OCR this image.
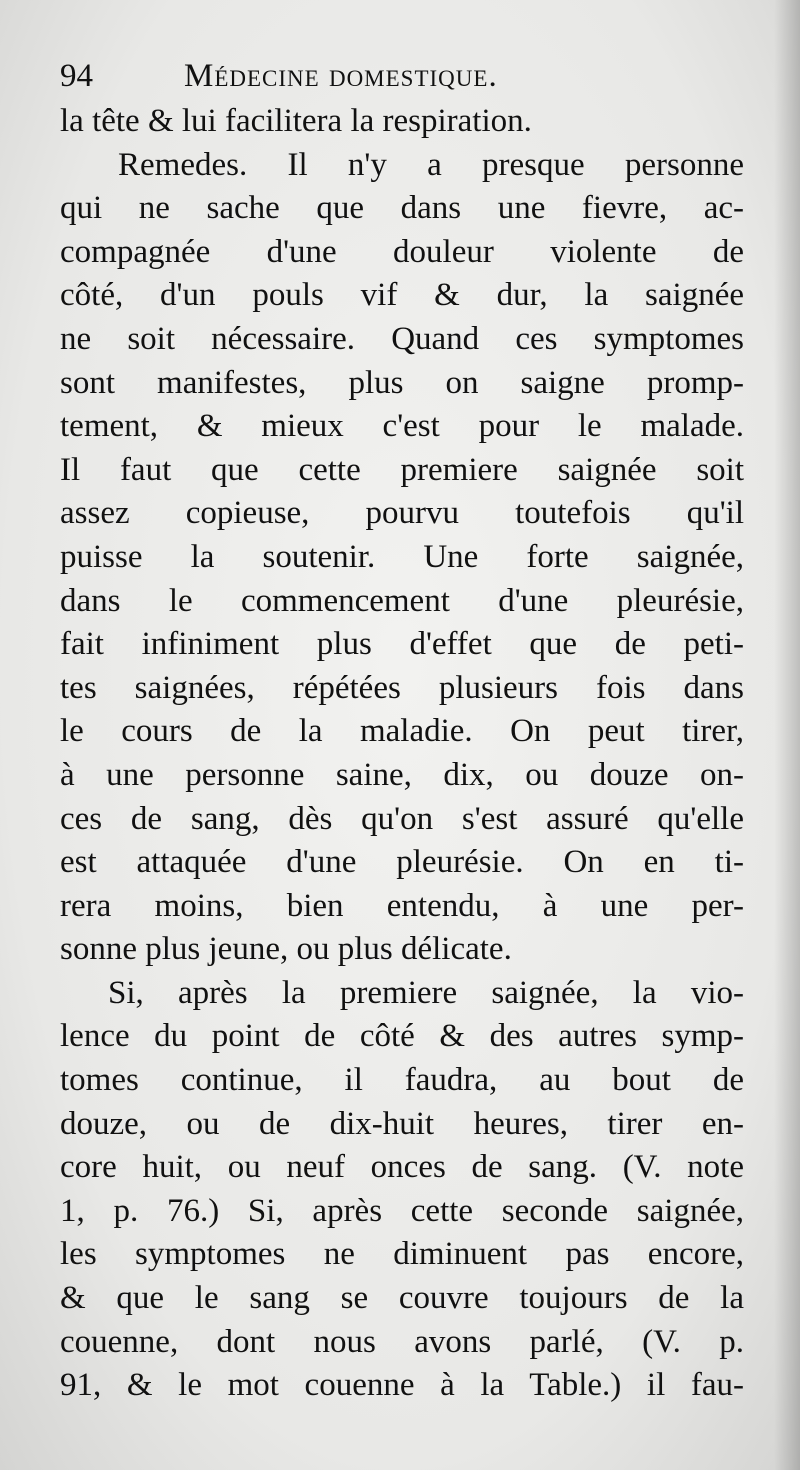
94	Médecine domestique.
la tête & lui facilitera la respiration.
Remedes. Il n'y a presque personne
qui ne sache que dans une fievre, ac-
compagnée d'une douleur violente de
côté, d'un pouls vif & dur, la saignée
ne soit nécessaire. Quand ces symptomes
sont manifestes, plus on saigne promp-
tement, & mieux c'est pour le malade.
Il faut que cette premiere saignée soit
assez copieuse, pourvu toutefois qu'il
puisse la soutenir. Une forte saignée,
dans le commencement d'une pleurésie,
fait infiniment plus d'effet que de peti-
tes saignées, répétées plusieurs fois dans
le cours de la maladie. On peut tirer,
à une personne saine, dix, ou douze on-
ces de sang, dès qu'on s'est assuré qu'elle
est attaquée d'une pleurésie. On en ti-
rera moins, bien entendu, à une per-
sonne plus jeune, ou plus délicate.
Si, après la premiere saignée, la vio-
lence du point de côté & des autres symp-
tomes continue, il faudra, au bout de
douze, ou de dix-huit heures, tirer en-
core huit, ou neuf onces de sang. (V. note
1, p. 76.) Si, après cette seconde saignée,
les symptomes ne diminuent pas encore,
& que le sang se couvre toujours de la
couenne, dont nous avons parlé, (V. p.
91, & le mot couenne à la Table.) il fau-
